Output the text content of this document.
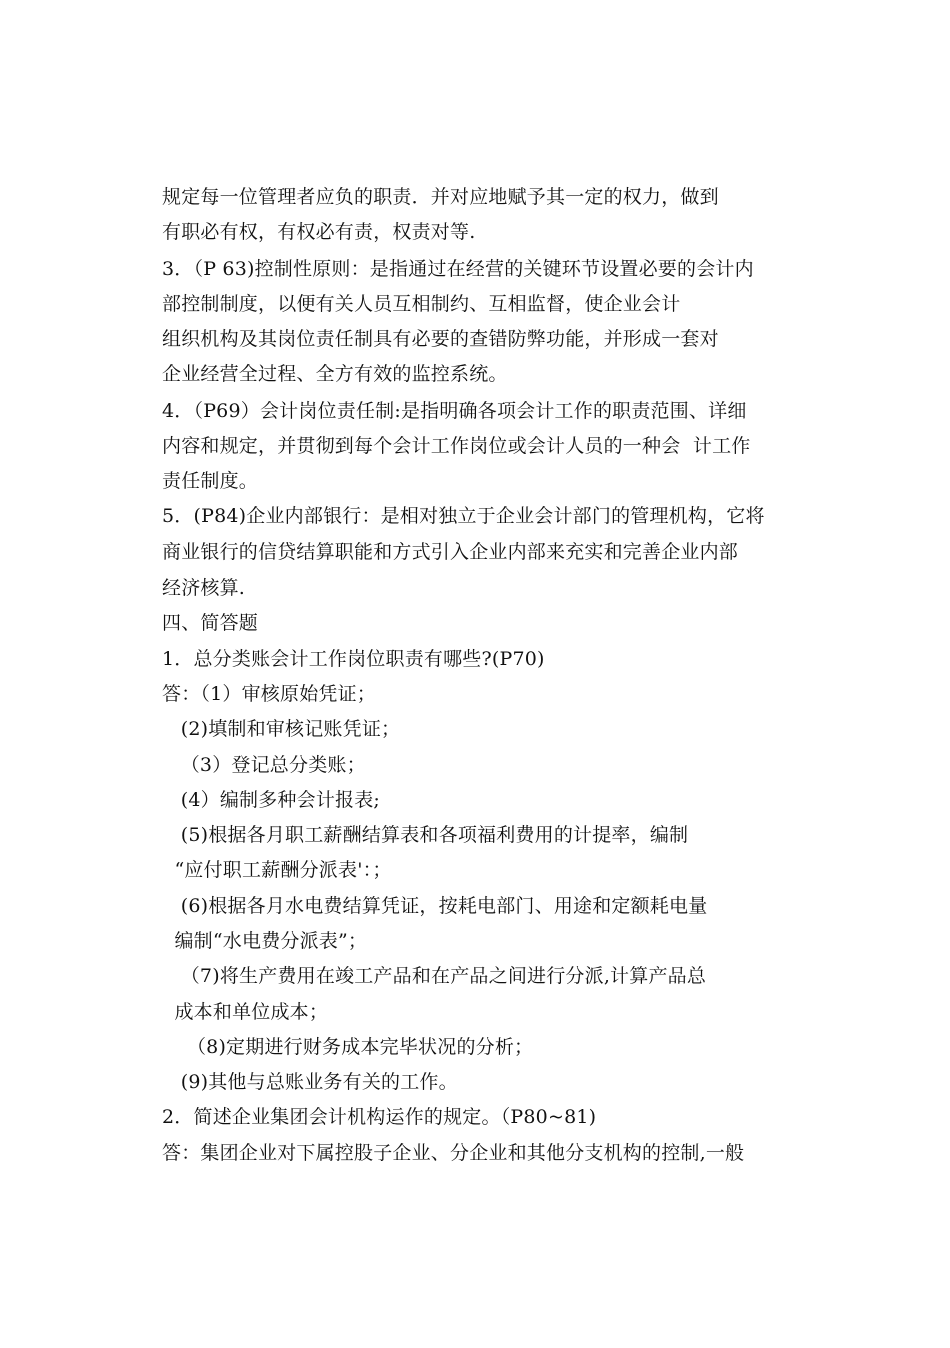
规定每一位管理者应负的职责．并对应地赋予其一定的权力，做到
有职必有权，有权必有责，权责对等.
3．（P 63)控制性原则：是指通过在经营的关键环节设置必要的会计内
部控制制度，以便有关人员互相制约、互相监督，使企业会计
组织机构及其岗位责任制具有必要的查错防弊功能，并形成一套对
企业经营全过程、全方有效的监控系统。
4．（P69）会计岗位责任制:是指明确各项会计工作的职责范围、详细
内容和规定，并贯彻到每个会计工作岗位或会计人员的一种会  计工作
责任制度。
5．(P84)企业内部银行：是相对独立于企业会计部门的管理机构，它将
商业银行的信贷结算职能和方式引入企业内部来充实和完善企业内部
经济核算.
四、简答题
1．总分类账会计工作岗位职责有哪些?(P70)
答：（1）审核原始凭证；
(2)填制和审核记账凭证；
（3）登记总分类账；
(4）编制多种会计报表;
(5)根据各月职工薪酬结算表和各项福利费用的计提率，编制
“应付职工薪酬分派表'：；
(6)根据各月水电费结算凭证，按耗电部门、用途和定额耗电量
编制“水电费分派表”；
（7)将生产费用在竣工产品和在产品之间进行分派,计算产品总
成本和单位成本；
（8)定期进行财务成本完毕状况的分析；
(9)其他与总账业务有关的工作。
2．简述企业集团会计机构运作的规定。（P80~81)
答：集团企业对下属控股子企业、分企业和其他分支机构的控制,一般
